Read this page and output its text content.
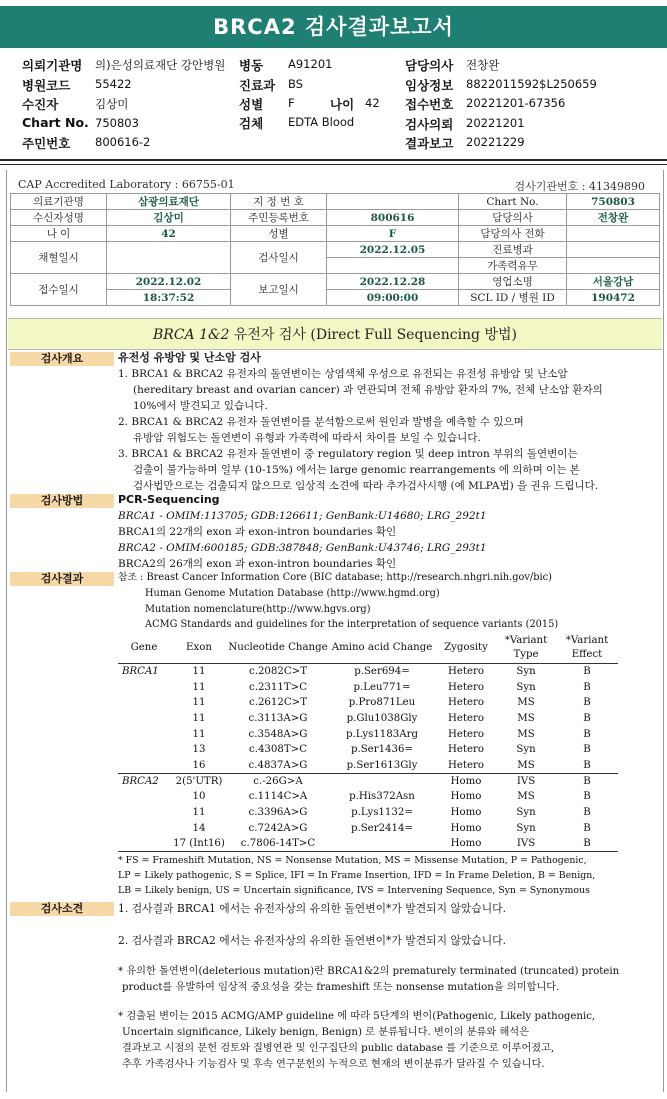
BRCA2 검사결과보고서
의뢰기관명 의)은성의료재단 강안병원 병동 A91201	담당의사 전창완
병원코드 55422	진료과 BS	임상정보 8822011592$L250659
수진자	김상미	성별 F	나이 42 접수번호 20221201-67356
Chart No. 750803	검체 EDTA Blood	검사의뢰 20221201
주민번호 800616-2	결과보고 20221229
CAP Accredited Laboratory : 66755-01	검사기관번호 : 41349890
의료기관명	삼광의료재단	지 정 번 호		Chart No.	750803
수신자성명	김상미	주민등록번호	800616	담당의사	전창완
나 이	42	성별	F	담당의사 전화	
채혈일시		검사일시	2022.12.05	진료병과	
				가족력유무	
접수일시	2022.12.02	보고일시	2022.12.28	영업소명	서울강남
	18:37:52		09:00:00	SCL ID / 병원 ID	190472
BRCA 1&2 유전자 검사 (Direct Full Sequencing 방법)
검사개요	유전성 유방암 및 난소암 검사
1. BRCA1 & BRCA2 유전자의 돌연변이는 상염색체 우성으로 유전되는 유전성 유방암 및 난소암
(hereditary breast and ovarian cancer) 과 연관되며 전체 유방암 환자의 7%, 전체 난소암 환자의
10%에서 발견되고 있습니다.
2. BRCA1 & BRCA2 유전자 돌연변이를 분석함으로써 원인과 발병을 예측할 수 있으며
유방암 위험도는 돌연변이 유형과 가족력에 따라서 차이를 보일 수 있습니다.
3. BRCA1 & BRCA2 유전자 돌연변이 중 regulatory region 및 deep intron 부위의 돌연변이는
검출이 불가능하며 일부 (10-15%) 에서는 large genomic rearrangements 에 의하며 이는 본
검사법만으로는 검출되지 않으므로 임상적 소견에 따라 추가검사시행 (예 MLPA법) 을 권유 드립니다.
검사방법	PCR-Sequencing
BRCA1 - OMIM:113705; GDB:126611; GenBank:U14680; LRG_292t1
BRCA1의 22개의 exon 과 exon-intron boundaries 확인
BRCA2 - OMIM:600185; GDB:387848; GenBank:U43746; LRG_293t1
BRCA2의 26개의 exon 과 exon-intron boundaries 확인
검사결과	참조 : Breast Cancer Information Core (BIC database; http://research.nhgri.nih.gov/bic)
Human Genome Mutation Database (http://www.hgmd.org)
Mutation nomenclature(http://www.hgvs.org)
ACMG Standards and guidelines for the interpretation of sequence variants (2015)
Gene	Exon	Nucleotide Change	Amino acid Change	Zygosity	*Variant Type	*Variant Effect
BRCA1	11	c.2082C>T	p.Ser694=	Hetero	Syn	B
	11	c.2311T>C	p.Leu771=	Hetero	Syn	B
	11	c.2612C>T	p.Pro871Leu	Hetero	MS	B
	11	c.3113A>G	p.Glu1038Gly	Hetero	MS	B
	11	c.3548A>G	p.Lys1183Arg	Hetero	MS	B
	13	c.4308T>C	p.Ser1436=	Hetero	Syn	B
	16	c.4837A>G	p.Ser1613Gly	Hetero	MS	B
BRCA2	2(5'UTR)	c.-26G>A		Homo	IVS	B
	10	c.1114C>A	p.His372Asn	Homo	MS	B
	11	c.3396A>G	p.Lys1132=	Homo	Syn	B
	14	c.7242A>G	p.Ser2414=	Homo	Syn	B
	17 (Int16)	c.7806-14T>C		Homo	IVS	B
* FS = Frameshift Mutation, NS = Nonsense Mutation, MS = Missense Mutation, P = Pathogenic,
LP = Likely pathogenic, S = Splice, IFI = In Frame Insertion, IFD = In Frame Deletion, B = Benign,
LB = Likely benign, US = Uncertain significance, IVS = Intervening Sequence, Syn = Synonymous
검사소견	1. 검사결과 BRCA1 에서는 유전자상의 유의한 돌연변이*가 발견되지 않았습니다.
2. 검사결과 BRCA2 에서는 유전자상의 유의한 돌연변이*가 발견되지 않았습니다.
* 유의한 돌연변이(deleterious mutation)란 BRCA1&2의 prematurely terminated (truncated) protein
product를 유발하여 임상적 중요성을 갖는 frameshift 또는 nonsense mutation을 의미합니다.
* 검출된 변이는 2015 ACMG/AMP guideline 에 따라 5단계의 변이(Pathogenic, Likely pathogenic,
Uncertain significance, Likely benign, Benign) 로 분류됩니다. 변이의 분류와 해석은
결과보고 시점의 문헌 검토와 질병연관 및 인구집단의 public database 를 기준으로 이루어졌고,
추후 가족검사나 기능검사 및 후속 연구문헌의 누적으로 현재의 변이분류가 달라질 수 있습니다.
